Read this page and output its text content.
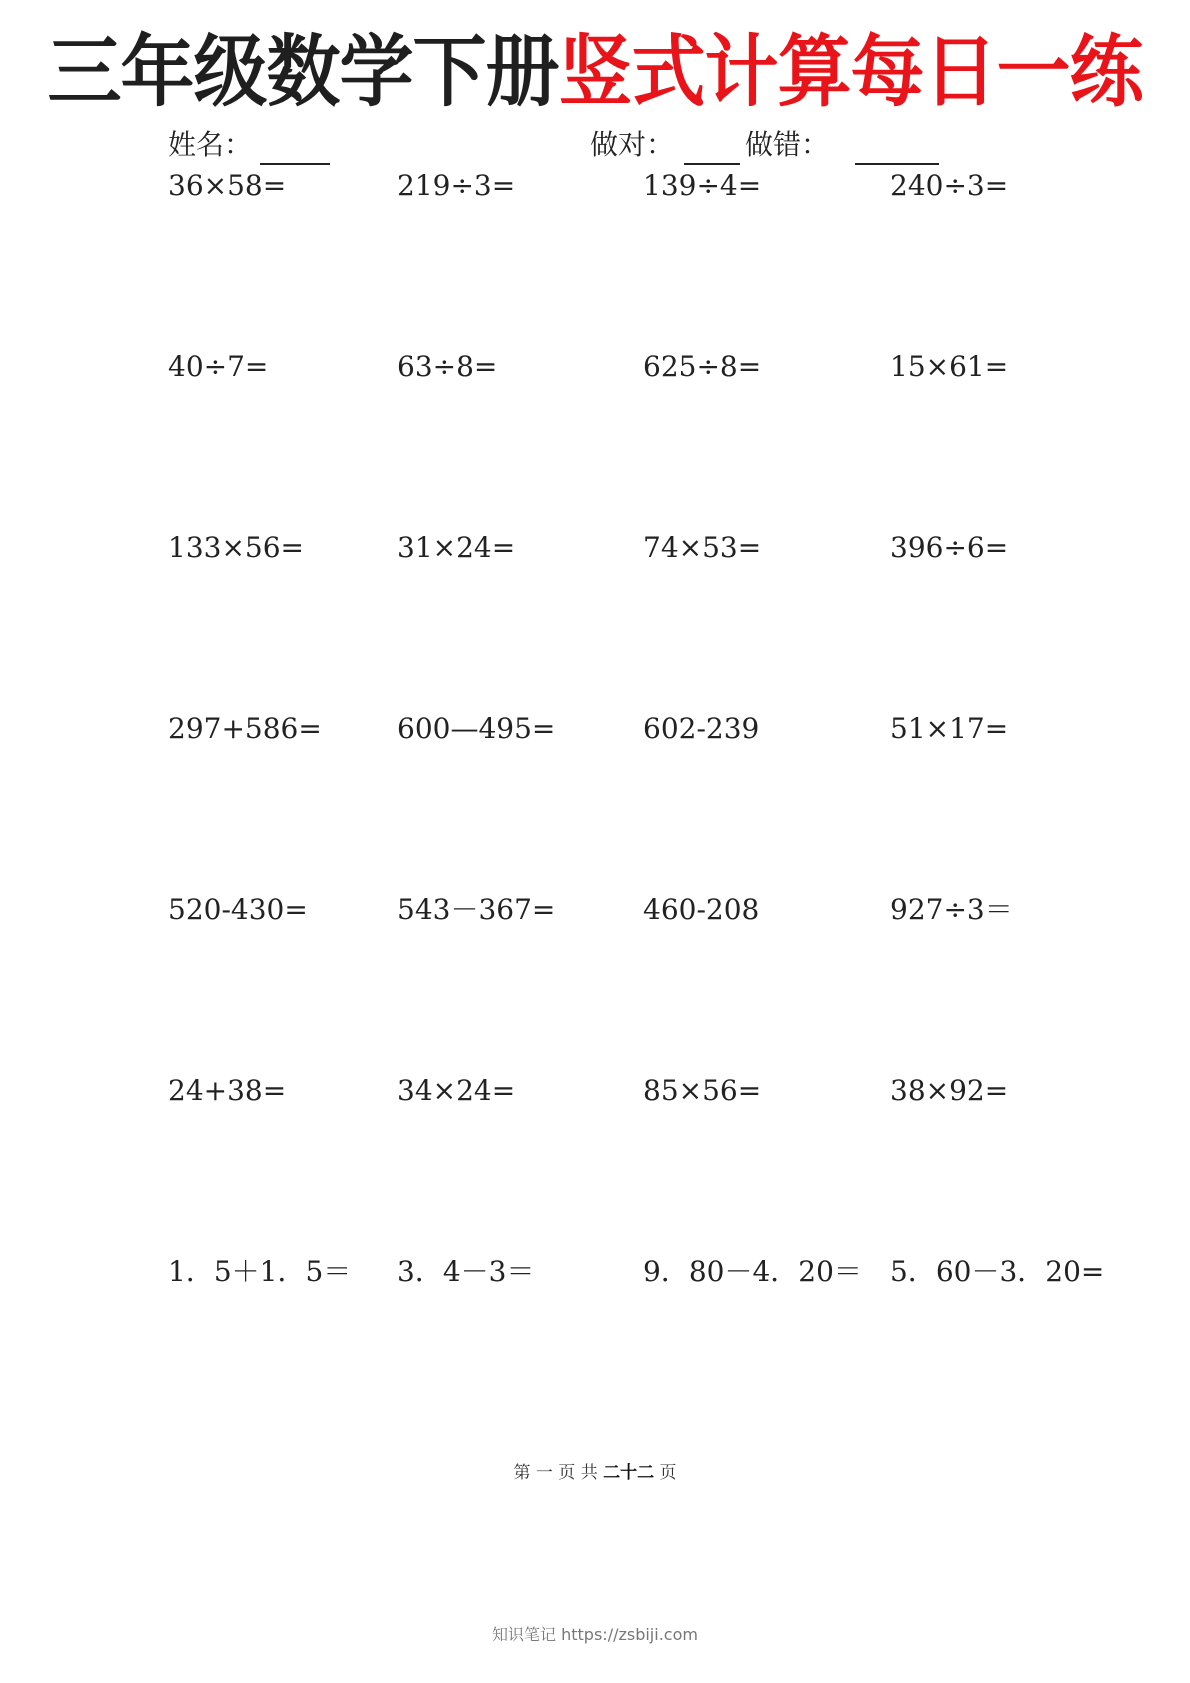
三年级数学下册竖式计算每日一练
姓名：	做对：	做错：
36×58=	219÷3=	139÷4=	240÷3=
40÷7=	63÷8=	625÷8=	15×61=
133×56=	31×24=	74×53=	396÷6=
297+586=	600—495=	602-239	51×17=
520-430=	543－367=	460-208	927÷3＝
24+38=	34×24=	85×56=	38×92=
1．5＋1．5＝ 3．4－3＝	9．80－4．20＝ 5．60－3．20=
第 一 页 共 二十二 页
知识笔记 https://zsbiji.com
